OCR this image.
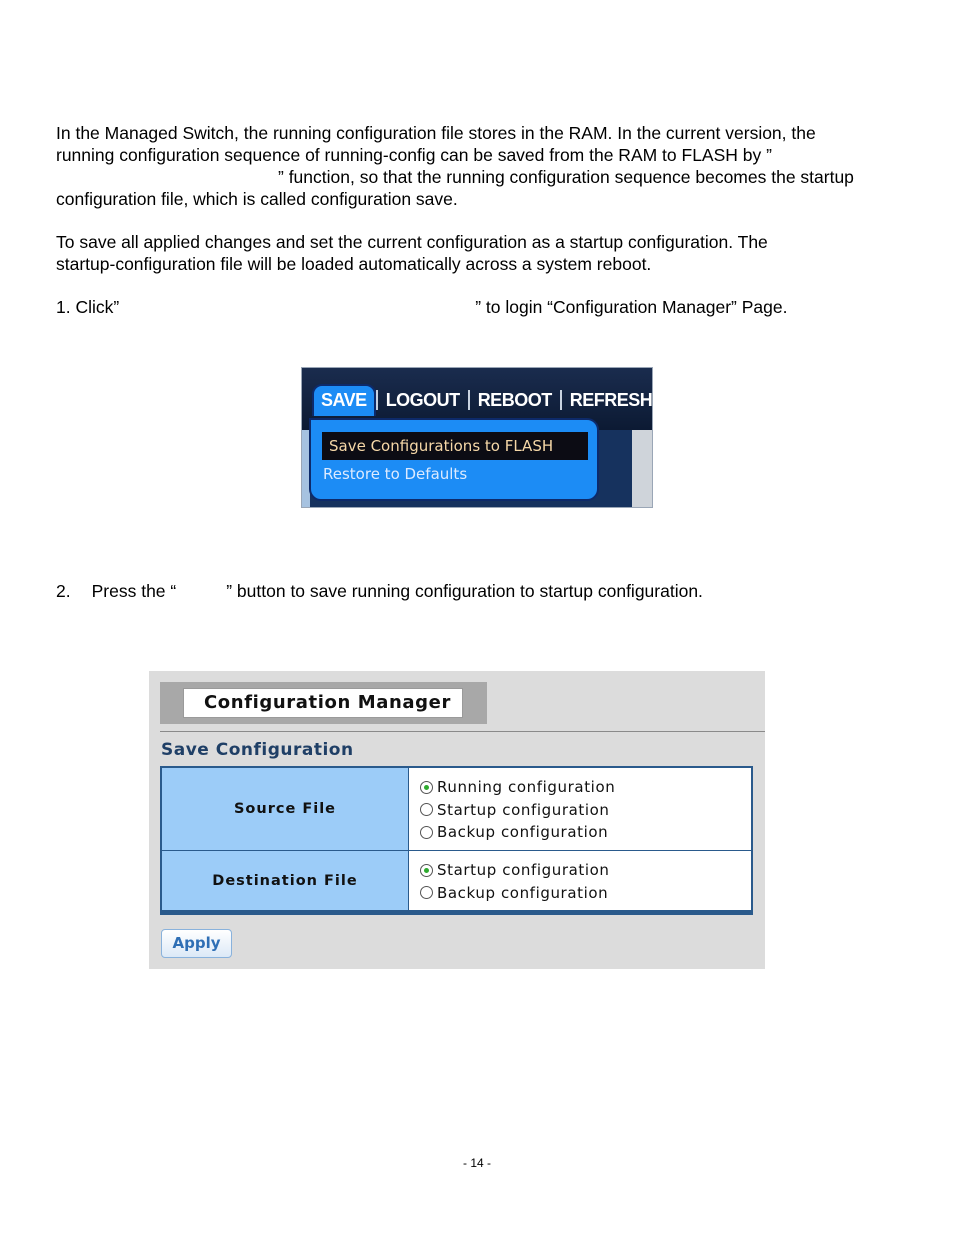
In the Managed Switch, the running configuration file stores in the RAM. In the current version, the
running configuration sequence of running-config can be saved from the RAM to FLASH by ”
” function, so that the running configuration sequence becomes the startup
configuration file, which is called configuration save.
To save all applied changes and set the current configuration as a startup configuration. The
startup-configuration file will be loaded automatically across a system reboot.
1. Click”	” to login “Configuration Manager” Page.
SAVE	LOGOUT	REBOOT	REFRESH
Save Configurations to FLASH
Restore to Defaults
2. Press the “	” button to save running configuration to startup configuration.
Configuration Manager
Save Configuration
Source File	Running configuration
Startup configuration
Backup configuration

Destination File	Startup configuration
Backup configuration
Apply
- 14 -
